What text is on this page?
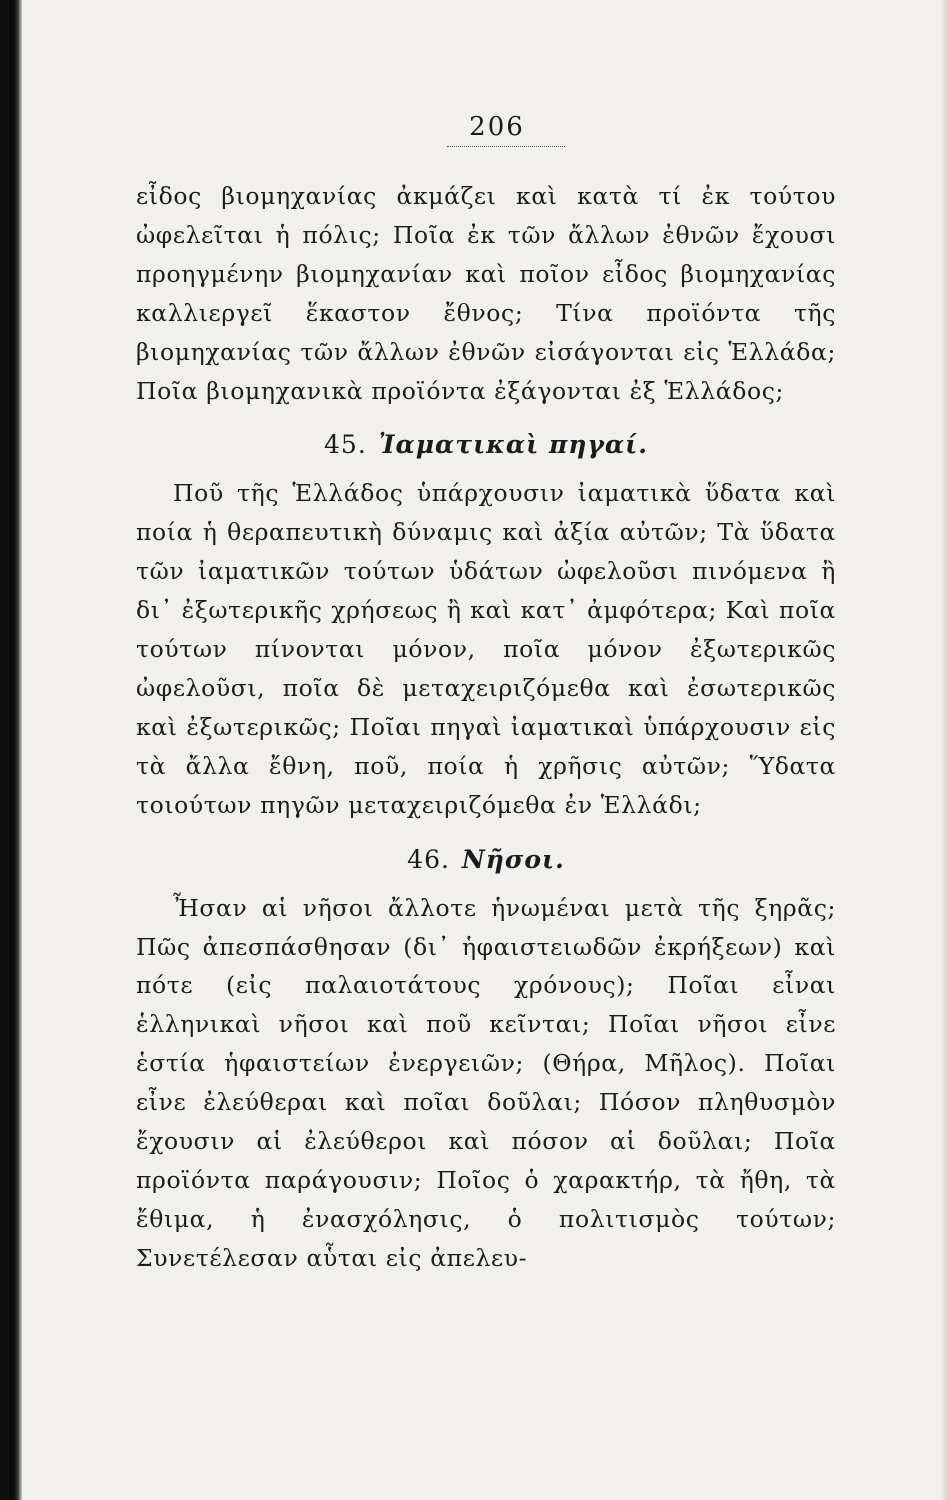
206

εἶδος βιομηχανίας ἀκμάζει καὶ κατὰ τί ἐκ τούτου ὠφελεῖται ἡ πόλις; Ποῖα ἐκ τῶν ἄλλων ἐθνῶν ἔχουσι προηγμένην βιομηχανίαν καὶ ποῖον εἶδος βιομηχανίας καλλιεργεῖ ἕκαστον ἔθνος; Τίνα προϊόντα τῆς βιομηχανίας τῶν ἄλλων ἐθνῶν εἰσάγονται εἰς Ἑλλάδα; Ποῖα βιομηχανικὰ προϊόντα ἐξάγονται ἐξ Ἑλλάδος;

45. Ἰαματικαὶ πηγαί.

Ποῦ τῆς Ἑλλάδος ὑπάρχουσιν ἰαματικὰ ὕδατα καὶ ποία ἡ θεραπευτικὴ δύναμις καὶ ἀξία αὐτῶν; Τὰ ὕδατα τῶν ἰαματικῶν τούτων ὑδάτων ὠφελοῦσι πινόμενα ἢ δι᾽ ἐξωτερικῆς χρήσεως ἢ καὶ κατ᾽ ἀμφότερα; Καὶ ποῖα τούτων πίνονται μόνον, ποῖα μόνον ἐξωτερικῶς ὠφελοῦσι, ποῖα δὲ μεταχειριζόμεθα καὶ ἐσωτερικῶς καὶ ἐξωτερικῶς; Ποῖαι πηγαὶ ἰαματικαὶ ὑπάρχουσιν εἰς τὰ ἄλλα ἔθνη, ποῦ, ποία ἡ χρῆσις αὐτῶν; Ὕδατα τοιούτων πηγῶν μεταχειριζόμεθα ἐν Ἑλλάδι;

46. Νῆσοι.

Ἦσαν αἱ νῆσοι ἄλλοτε ἡνωμέναι μετὰ τῆς ξηρᾶς; Πῶς ἀπεσπάσθησαν (δι᾽ ἡφαιστειωδῶν ἐκρήξεων) καὶ πότε (εἰς παλαιοτάτους χρόνους); Ποῖαι εἶναι ἑλληνικαὶ νῆσοι καὶ ποῦ κεῖνται; Ποῖαι νῆσοι εἶνε ἑστία ἡφαιστείων ἐνεργειῶν; (Θήρα, Μῆλος). Ποῖαι εἶνε ἐλεύθεραι καὶ ποῖαι δοῦλαι; Πόσον πληθυσμὸν ἔχουσιν αἱ ἐλεύθεροι καὶ πόσον αἱ δοῦλαι; Ποῖα προϊόντα παράγουσιν; Ποῖος ὁ χαρακτήρ, τὰ ἤθη, τὰ ἔθιμα, ἡ ἐνασχόλησις, ὁ πολιτισμὸς τούτων; Συνετέλεσαν αὗται εἰς ἀπελευ-
